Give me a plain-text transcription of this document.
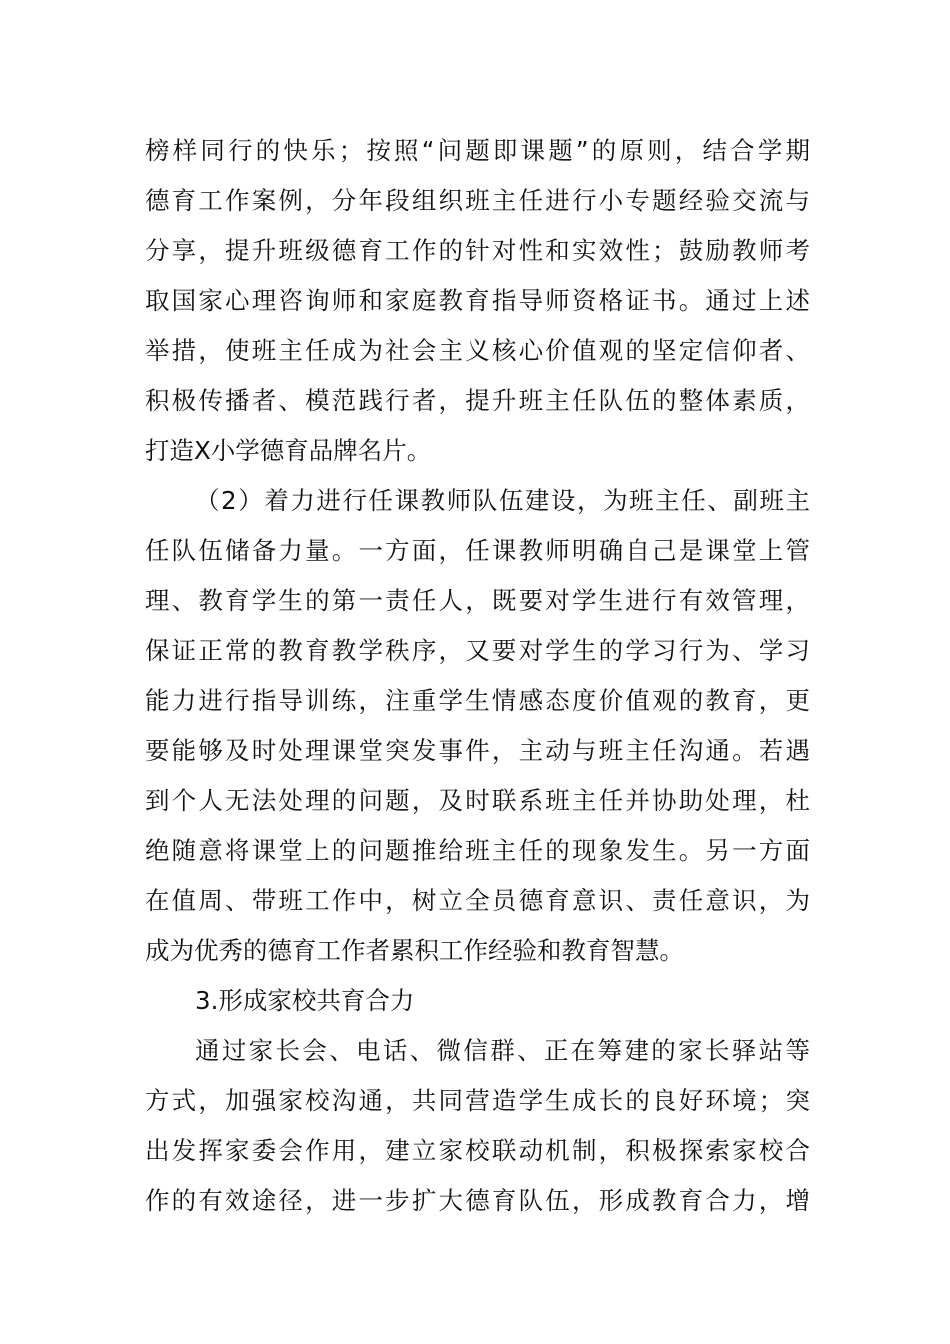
榜样同行的快乐；按照“问题即课题”的原则，结合学期
德育工作案例，分年段组织班主任进行小专题经验交流与
分享，提升班级德育工作的针对性和实效性；鼓励教师考
取国家心理咨询师和家庭教育指导师资格证书。通过上述
举措，使班主任成为社会主义核心价值观的坚定信仰者、
积极传播者、模范践行者，提升班主任队伍的整体素质，
打造X小学德育品牌名片。
（2）着力进行任课教师队伍建设，为班主任、副班主
任队伍储备力量。一方面，任课教师明确自己是课堂上管
理、教育学生的第一责任人，既要对学生进行有效管理，
保证正常的教育教学秩序，又要对学生的学习行为、学习
能力进行指导训练，注重学生情感态度价值观的教育，更
要能够及时处理课堂突发事件，主动与班主任沟通。若遇
到个人无法处理的问题，及时联系班主任并协助处理，杜
绝随意将课堂上的问题推给班主任的现象发生。另一方面
在值周、带班工作中，树立全员德育意识、责任意识，为
成为优秀的德育工作者累积工作经验和教育智慧。
3.形成家校共育合力
通过家长会、电话、微信群、正在筹建的家长驿站等
方式，加强家校沟通，共同营造学生成长的良好环境；突
出发挥家委会作用，建立家校联动机制，积极探索家校合
作的有效途径，进一步扩大德育队伍，形成教育合力，增
